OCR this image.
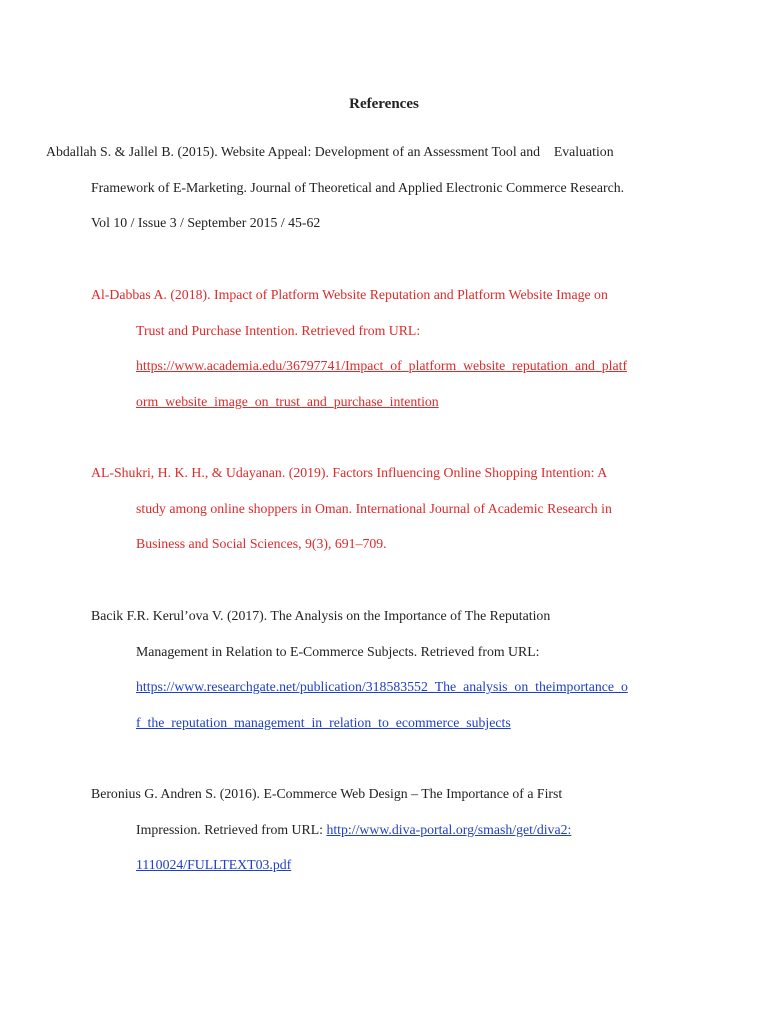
References
Abdallah S. & Jallel B. (2015). Website Appeal: Development of an Assessment Tool and    Evaluation
Framework of E-Marketing. Journal of Theoretical and Applied Electronic Commerce Research.
Vol 10 / Issue 3 / September 2015 / 45-62
Al-Dabbas A. (2018). Impact of Platform Website Reputation and Platform Website Image on
Trust and Purchase Intention. Retrieved from URL:
https://www.academia.edu/36797741/Impact_of_platform_website_reputation_and_platf
orm_website_image_on_trust_and_purchase_intention
AL-Shukri, H. K. H., & Udayanan. (2019). Factors Influencing Online Shopping Intention: A
study among online shoppers in Oman. International Journal of Academic Research in
Business and Social Sciences, 9(3), 691–709.
Bacik F.R. Kerul’ova V. (2017). The Analysis on the Importance of The Reputation
Management in Relation to E-Commerce Subjects. Retrieved from URL:
https://www.researchgate.net/publication/318583552_The_analysis_on_theimportance_o
f_the_reputation_management_in_relation_to_ecommerce_subjects
Beronius G. Andren S. (2016). E-Commerce Web Design – The Importance of a First
Impression. Retrieved from URL: http://www.diva-portal.org/smash/get/diva2:
1110024/FULLTEXT03.pdf
